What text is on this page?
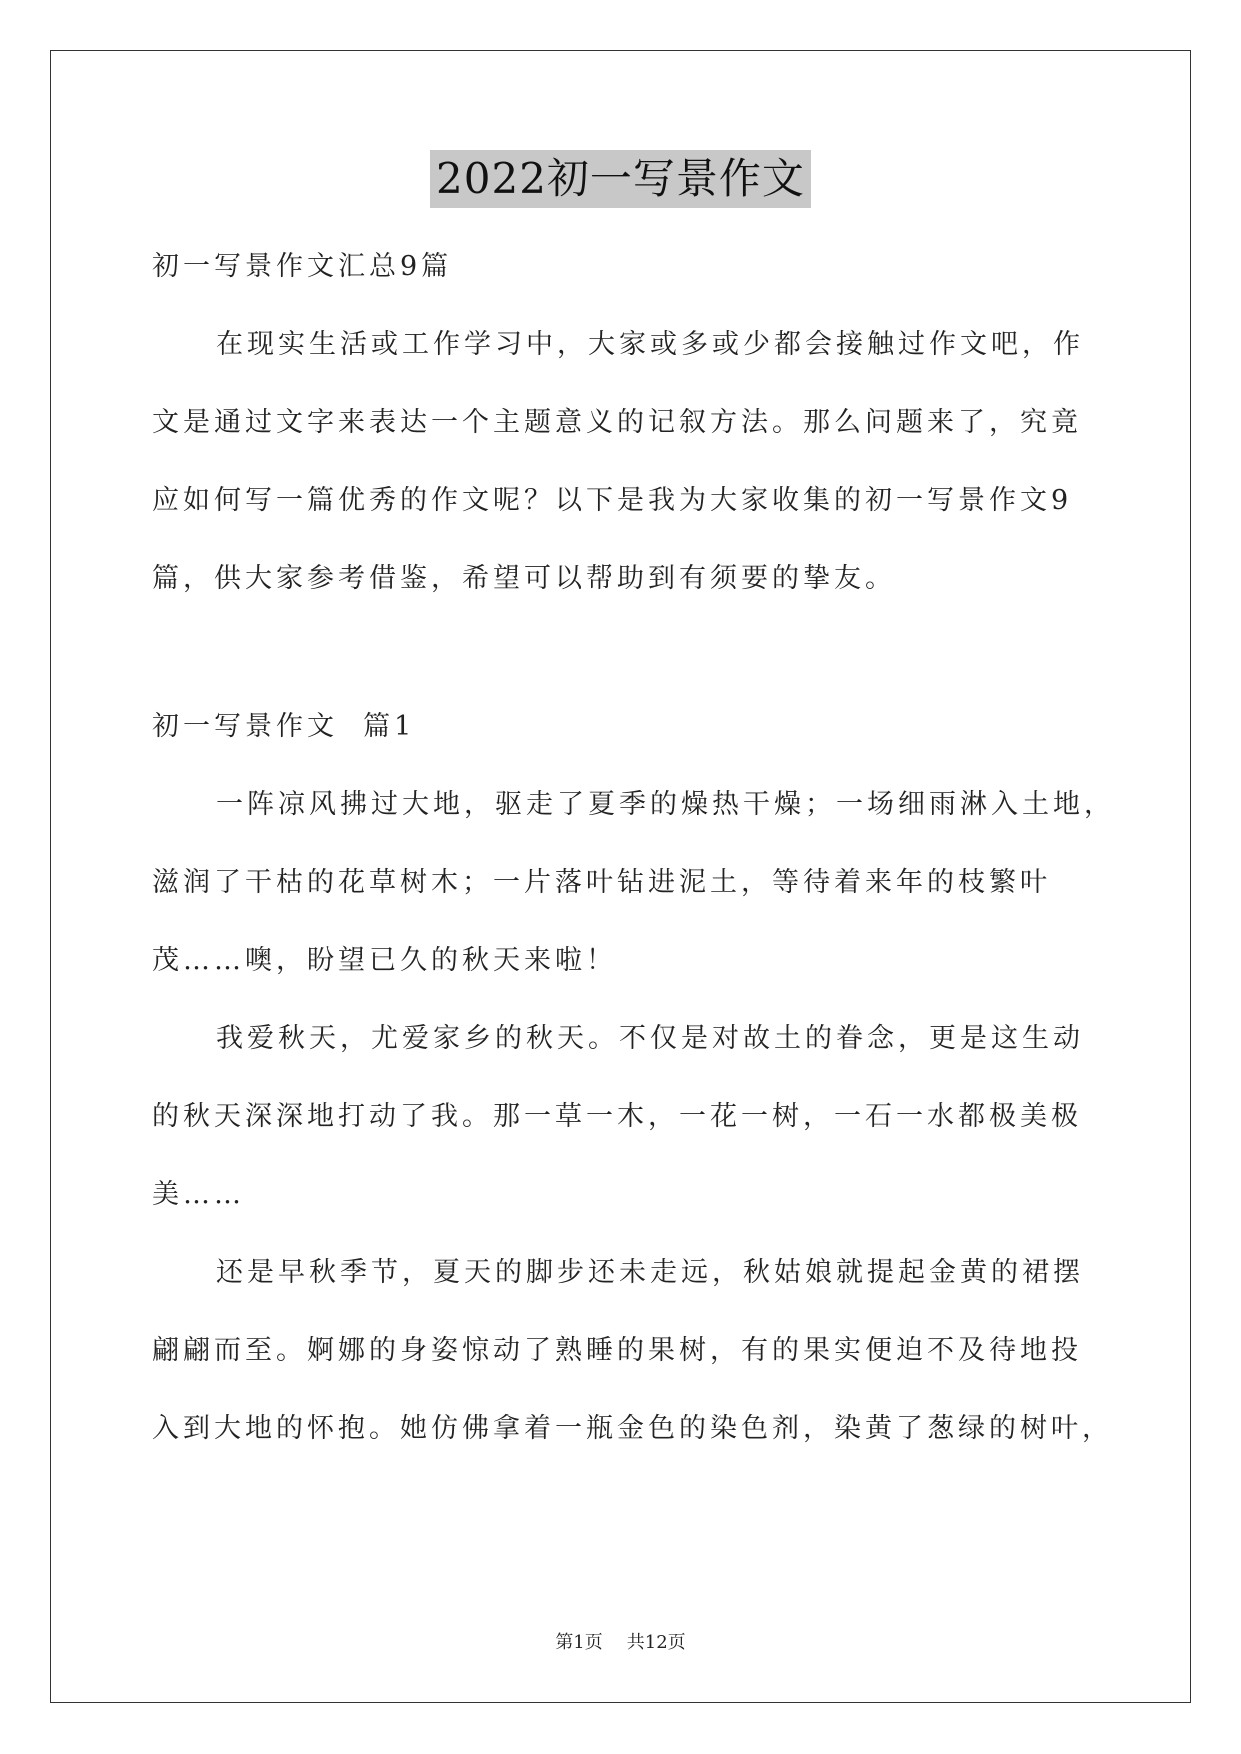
2022初一写景作文
初一写景作文汇总9篇
在现实生活或工作学习中，大家或多或少都会接触过作文吧，作
文是通过文字来表达一个主题意义的记叙方法。那么问题来了，究竟
应如何写一篇优秀的作文呢？以下是我为大家收集的初一写景作文9
篇，供大家参考借鉴，希望可以帮助到有须要的挚友。
初一写景作文  篇1
一阵凉风拂过大地，驱走了夏季的燥热干燥；一场细雨淋入土地，
滋润了干枯的花草树木；一片落叶钻进泥土，等待着来年的枝繁叶
茂……噢，盼望已久的秋天来啦！
我爱秋天，尤爱家乡的秋天。不仅是对故土的眷念，更是这生动
的秋天深深地打动了我。那一草一木，一花一树，一石一水都极美极
美……
还是早秋季节，夏天的脚步还未走远，秋姑娘就提起金黄的裙摆
翩翩而至。婀娜的身姿惊动了熟睡的果树，有的果实便迫不及待地投
入到大地的怀抱。她仿佛拿着一瓶金色的染色剂，染黄了葱绿的树叶，
第1页 共12页
